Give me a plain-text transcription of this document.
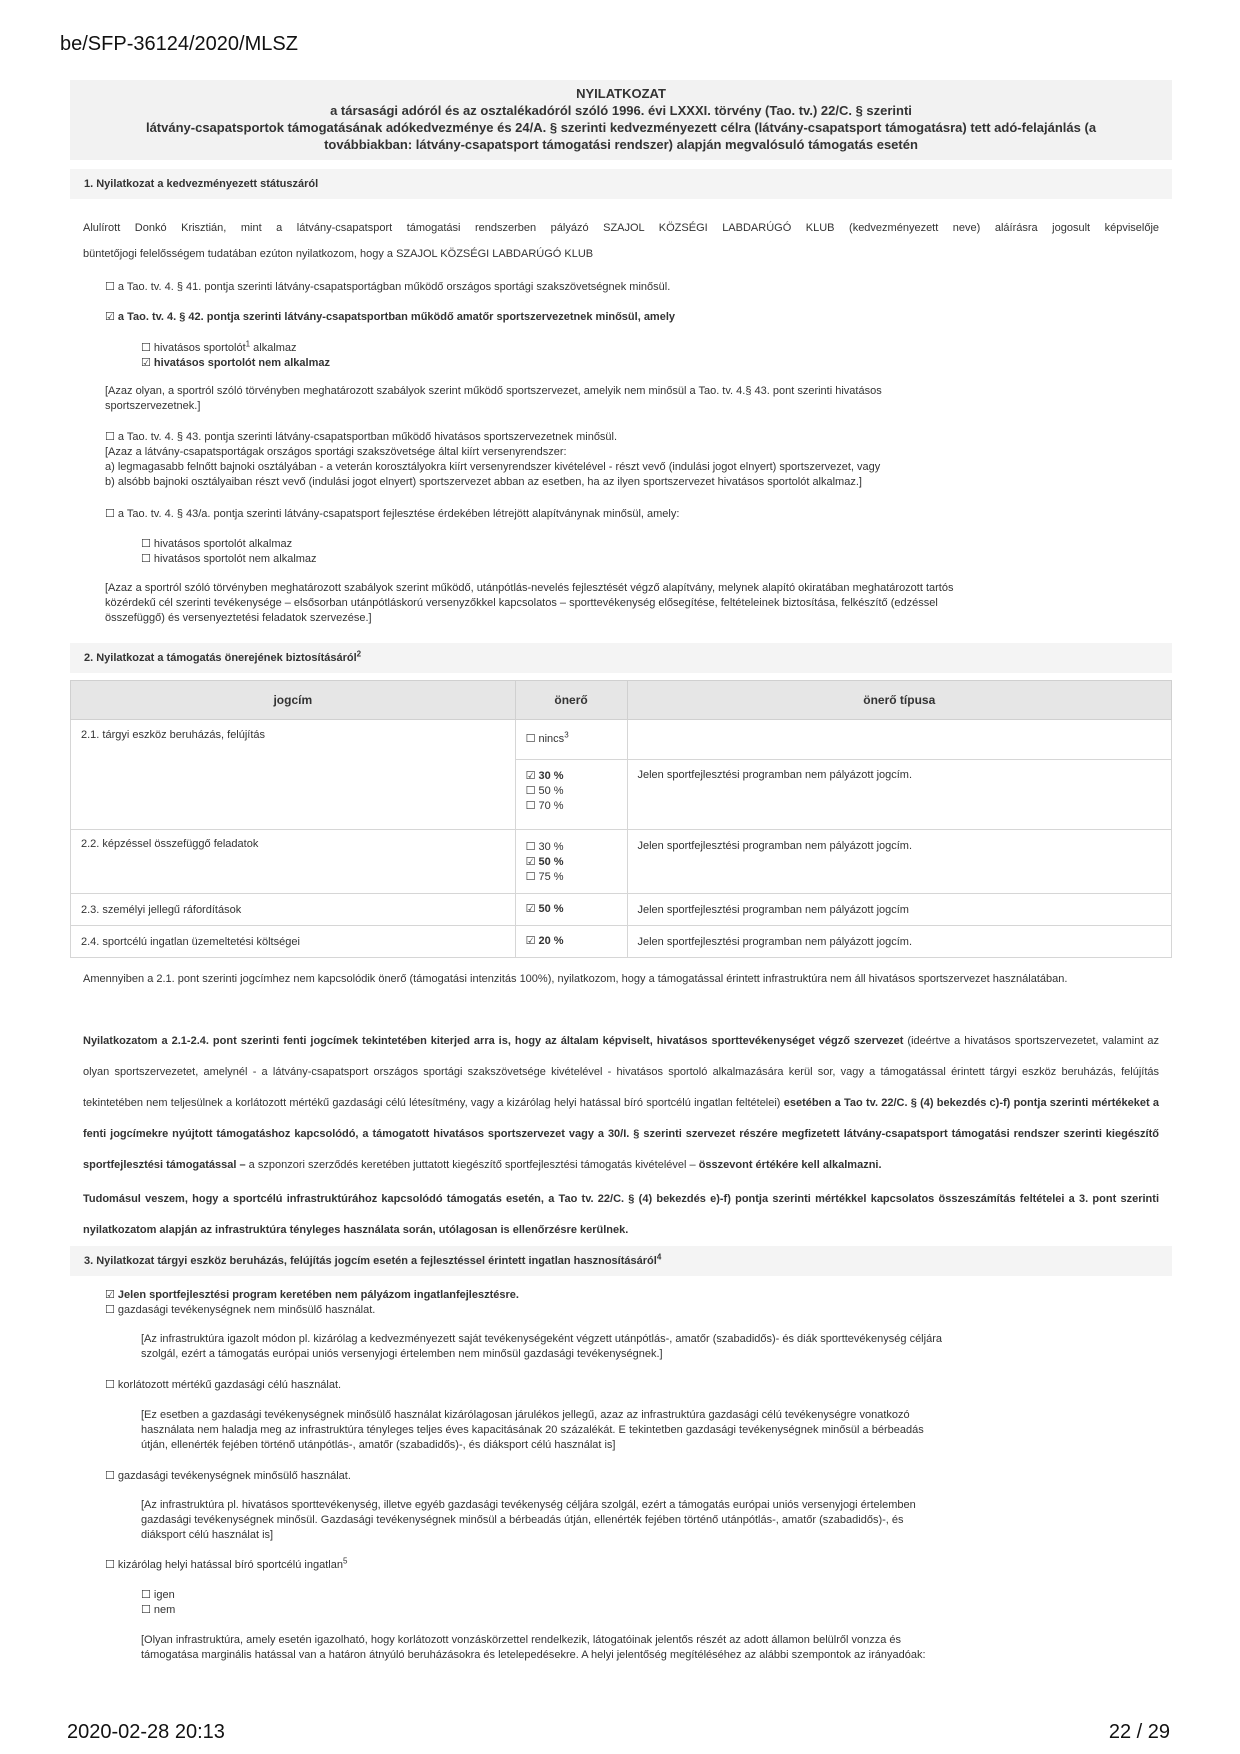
be/SFP-36124/2020/MLSZ
NYILATKOZAT
a társasági adóról és az osztalékadóról szóló 1996. évi LXXXI. törvény (Tao. tv.) 22/C. § szerinti
látvány-csapatsportok támogatásának adókedvezménye és 24/A. § szerinti kedvezményezett célra (látvány-csapatsport támogatásra) tett adó-felajánlás (a
továbbiakban: látvány-csapatsport támogatási rendszer) alapján megvalósuló támogatás esetén
1. Nyilatkozat a kedvezményezett státuszáról
Alulírott Donkó Krisztián, mint a látvány-csapatsport támogatási rendszerben pályázó SZAJOL KÖZSÉGI LABDARÚGÓ KLUB (kedvezményezett neve) aláírásra jogosult képviselője
büntetőjogi felelősségem tudatában ezúton nyilatkozom, hogy a SZAJOL KÖZSÉGI LABDARÚGÓ KLUB
☐ a Tao. tv. 4. § 41. pontja szerinti látvány-csapatsportágban működő országos sportági szakszövetségnek minősül.
☑ a Tao. tv. 4. § 42. pontja szerinti látvány-csapatsportban működő amatőr sportszervezetnek minősül, amely
☐ hivatásos sportolót$^1$ alkalmaz
☑ hivatásos sportolót nem alkalmaz
[Azaz olyan, a sportról szóló törvényben meghatározott szabályok szerint működő sportszervezet, amelyik nem minősül a Tao. tv. 4.§ 43. pont szerinti hivatásos
sportszervezetnek.]
☐ a Tao. tv. 4. § 43. pontja szerinti látvány-csapatsportban működő hivatásos sportszervezetnek minősül.
[Azaz a látvány-csapatsportágak országos sportági szakszövetsége által kiírt versenyrendszer:
a) legmagasabb felnőtt bajnoki osztályában - a veterán korosztályokra kiírt versenyrendszer kivételével - részt vevő (indulási jogot elnyert) sportszervezet, vagy
b) alsóbb bajnoki osztályaiban részt vevő (indulási jogot elnyert) sportszervezet abban az esetben, ha az ilyen sportszervezet hivatásos sportolót alkalmaz.]
☐ a Tao. tv. 4. § 43/a. pontja szerinti látvány-csapatsport fejlesztése érdekében létrejött alapítványnak minősül, amely:
☐ hivatásos sportolót alkalmaz
☐ hivatásos sportolót nem alkalmaz
[Azaz a sportról szóló törvényben meghatározott szabályok szerint működő, utánpótlás-nevelés fejlesztését végző alapítvány, melynek alapító okiratában meghatározott tartós
közérdekű cél szerinti tevékenysége – elsősorban utánpótláskorú versenyzőkkel kapcsolatos – sporttevékenység elősegítése, feltételeinek biztosítása, felkészítő (edzéssel
összefüggő) és versenyeztetési feladatok szervezése.]
2. Nyilatkozat a támogatás önerejének biztosításáról$^2$
jogcím	önerő	önerő típusa
2.1. tárgyi eszköz beruházás, felújítás	☐ nincs$^3$

	☑ 30 %
☐ 50 %
☐ 70 %	Jelen sportfejlesztési programban nem pályázott jogcím.
2.2. képzéssel összefüggő feladatok	☐ 30 %
☑ 50 %
☐ 75 %	Jelen sportfejlesztési programban nem pályázott jogcím.
2.3. személyi jellegű ráfordítások	☑ 50 %	Jelen sportfejlesztési programban nem pályázott jogcím
2.4. sportcélú ingatlan üzemeltetési költségei	☑ 20 %	Jelen sportfejlesztési programban nem pályázott jogcím.
Amennyiben a 2.1. pont szerinti jogcímhez nem kapcsolódik önerő (támogatási intenzitás 100%), nyilatkozom, hogy a támogatással érintett infrastruktúra nem áll hivatásos sportszervezet használatában.
Nyilatkozatom a 2.1-2.4. pont szerinti fenti jogcímek tekintetében kiterjed arra is, hogy az általam képviselt, hivatásos sporttevékenységet végző szervezet (ideértve a hivatásos sportszervezetet, valamint az olyan sportszervezetet, amelynél - a látvány-csapatsport országos sportági szakszövetsége kivételével - hivatásos sportoló alkalmazására kerül sor, vagy a támogatással érintett tárgyi eszköz beruházás, felújítás tekintetében nem teljesülnek a korlátozott mértékű gazdasági célú létesítmény, vagy a kizárólag helyi hatással bíró sportcélú ingatlan feltételei) esetében a Tao tv. 22/C. § (4) bekezdés c)-f) pontja szerinti mértékeket a fenti jogcímekre nyújtott támogatáshoz kapcsolódó, a támogatott hivatásos sportszervezet vagy a 30/I. § szerinti szervezet részére megfizetett látvány-csapatsport támogatási rendszer szerinti kiegészítő sportfejlesztési támogatással – a szponzori szerződés keretében juttatott kiegészítő sportfejlesztési támogatás kivételével – összevont értékére kell alkalmazni.
Tudomásul veszem, hogy a sportcélú infrastruktúrához kapcsolódó támogatás esetén, a Tao tv. 22/C. § (4) bekezdés e)-f) pontja szerinti mértékkel kapcsolatos összeszámítás feltételei a 3. pont szerinti nyilatkozatom alapján az infrastruktúra tényleges használata során, utólagosan is ellenőrzésre kerülnek.
3. Nyilatkozat tárgyi eszköz beruházás, felújítás jogcím esetén a fejlesztéssel érintett ingatlan hasznosításáról$^4$
☑ Jelen sportfejlesztési program keretében nem pályázom ingatlanfejlesztésre.
☐ gazdasági tevékenységnek nem minősülő használat.
[Az infrastruktúra igazolt módon pl. kizárólag a kedvezményezett saját tevékenységeként végzett utánpótlás-, amatőr (szabadidős)- és diák sporttevékenység céljára
szolgál, ezért a támogatás európai uniós versenyjogi értelemben nem minősül gazdasági tevékenységnek.]
☐ korlátozott mértékű gazdasági célú használat.
[Ez esetben a gazdasági tevékenységnek minősülő használat kizárólagosan járulékos jellegű, azaz az infrastruktúra gazdasági célú tevékenységre vonatkozó
használata nem haladja meg az infrastruktúra tényleges teljes éves kapacitásának 20 százalékát. E tekintetben gazdasági tevékenységnek minősül a bérbeadás
útján, ellenérték fejében történő utánpótlás-, amatőr (szabadidős)-, és diáksport célú használat is]
☐ gazdasági tevékenységnek minősülő használat.
[Az infrastruktúra pl. hivatásos sporttevékenység, illetve egyéb gazdasági tevékenység céljára szolgál, ezért a támogatás európai uniós versenyjogi értelemben
gazdasági tevékenységnek minősül. Gazdasági tevékenységnek minősül a bérbeadás útján, ellenérték fejében történő utánpótlás-, amatőr (szabadidős)-, és
diáksport célú használat is]
☐ kizárólag helyi hatással bíró sportcélú ingatlan$^5$
☐ igen
☐ nem
[Olyan infrastruktúra, amely esetén igazolható, hogy korlátozott vonzáskörzettel rendelkezik, látogatóinak jelentős részét az adott államon belülről vonzza és
támogatása marginális hatással van a határon átnyúló beruházásokra és letelepedésekre. A helyi jelentőség megítéléséhez az alábbi szempontok az irányadóak:
2020-02-28 20:13	22 / 29
